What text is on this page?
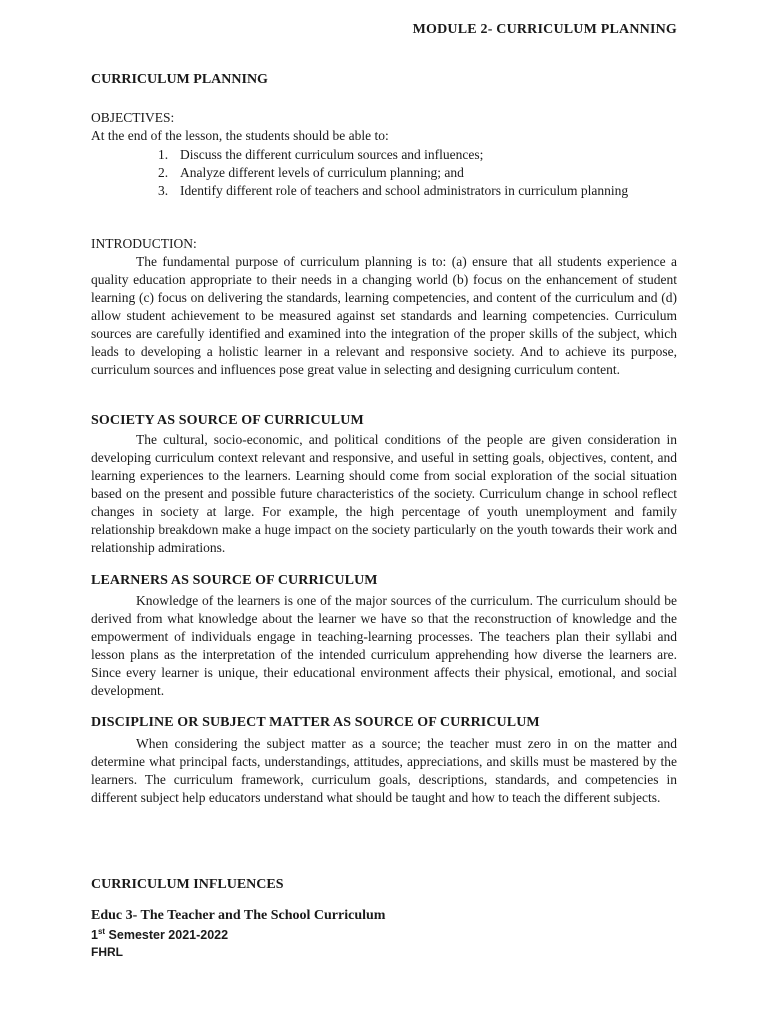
MODULE 2- CURRICULUM PLANNING
CURRICULUM PLANNING
OBJECTIVES:
At the end of the lesson, the students should be able to:
1. Discuss the different curriculum sources and influences;
2. Analyze different levels of curriculum planning; and
3. Identify different role of teachers and school administrators in curriculum planning
INTRODUCTION:

The fundamental purpose of curriculum planning is to: (a) ensure that all students experience a quality education appropriate to their needs in a changing world (b) focus on the enhancement of student learning (c) focus on delivering the standards, learning competencies, and content of the curriculum and (d) allow student achievement to be measured against set standards and learning competencies. Curriculum sources are carefully identified and examined into the integration of the proper skills of the subject, which leads to developing a holistic learner in a relevant and responsive society. And to achieve its purpose, curriculum sources and influences pose great value in selecting and designing curriculum content.

SOCIETY AS SOURCE OF CURRICULUM

The cultural, socio-economic, and political conditions of the people are given consideration in developing curriculum context relevant and responsive, and useful in setting goals, objectives, content, and learning experiences to the learners. Learning should come from social exploration of the social situation based on the present and possible future characteristics of the society. Curriculum change in school reflect changes in society at large. For example, the high percentage of youth unemployment and family relationship breakdown make a huge impact on the society particularly on the youth towards their work and relationship admirations.

LEARNERS AS SOURCE OF CURRICULUM

Knowledge of the learners is one of the major sources of the curriculum. The curriculum should be derived from what knowledge about the learner we have so that the reconstruction of knowledge and the empowerment of individuals engage in teaching-learning processes. The teachers plan their syllabi and lesson plans as the interpretation of the intended curriculum apprehending how diverse the learners are. Since every learner is unique, their educational environment affects their physical, emotional, and social development.

DISCIPLINE OR SUBJECT MATTER AS SOURCE OF CURRICULUM

When considering the subject matter as a source; the teacher must zero in on the matter and determine what principal facts, understandings, attitudes, appreciations, and skills must be mastered by the learners. The curriculum framework, curriculum goals, descriptions, standards, and competencies in different subject help educators understand what should be taught and how to teach the different subjects.

CURRICULUM INFLUENCES
Educ 3- The Teacher and The School Curriculum
1st Semester 2021-2022
FHRL
